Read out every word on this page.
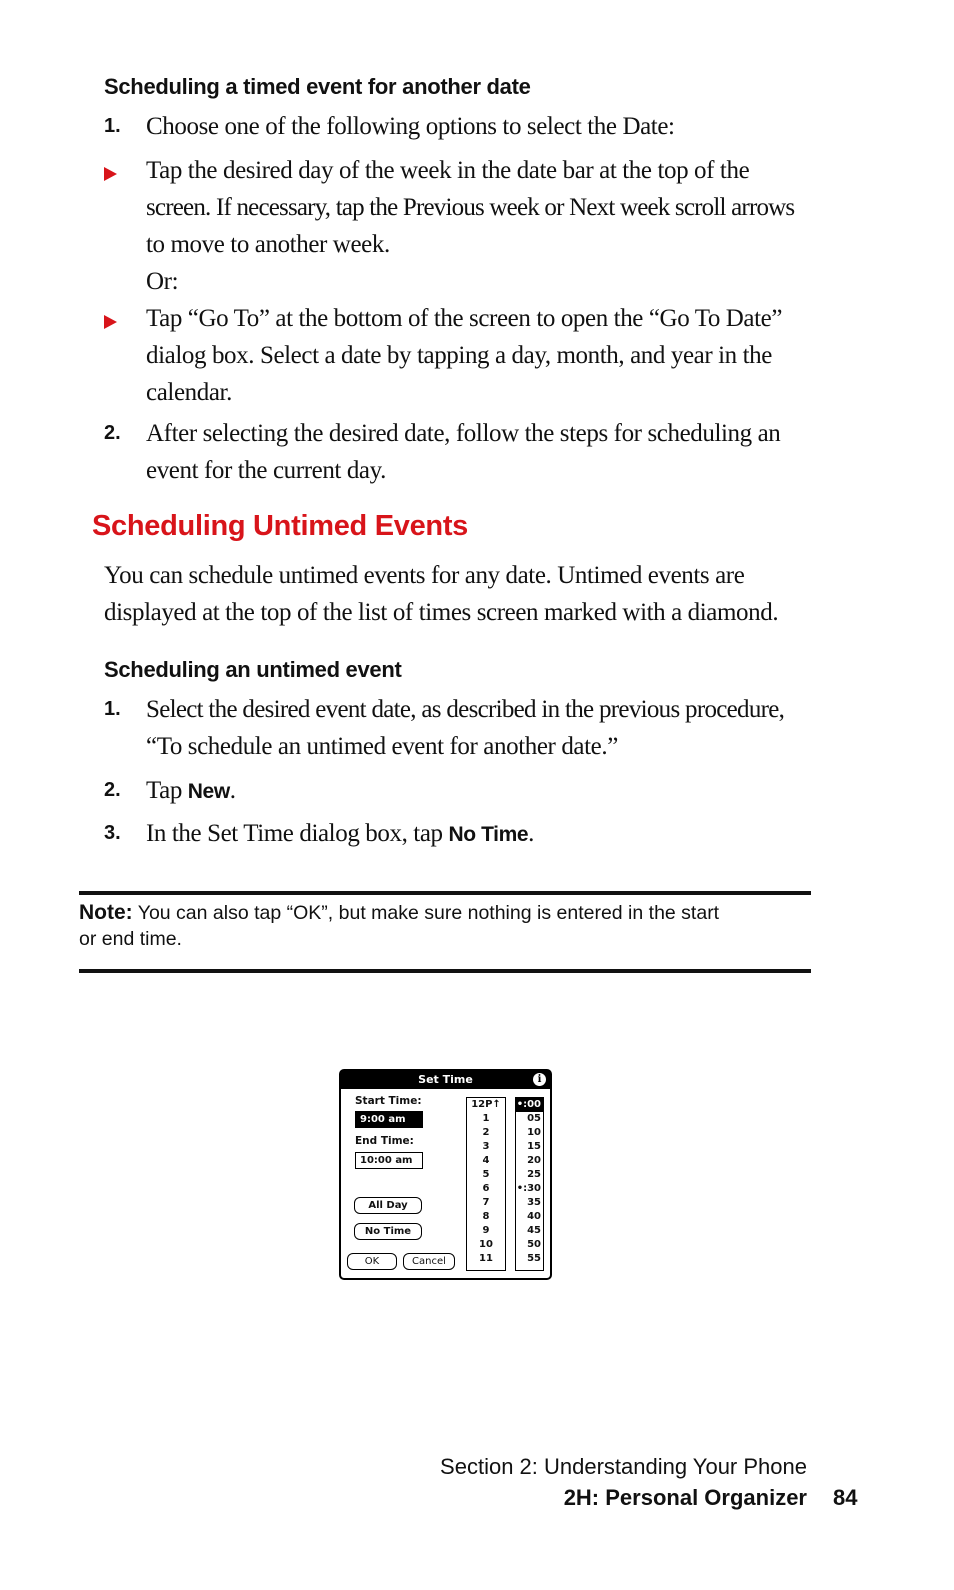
Scheduling a timed event for another date
1. Choose one of the following options to select the Date:
Tap the desired day of the week in the date bar at the top of the
screen. If necessary, tap the Previous week or Next week scroll arrows
to move to another week.
Or:
Tap “Go To” at the bottom of the screen to open the “Go To Date”
dialog box. Select a date by tapping a day, month, and year in the
calendar.
2. After selecting the desired date, follow the steps for scheduling an
event for the current day.
Scheduling Untimed Events
You can schedule untimed events for any date. Untimed events are
displayed at the top of the list of times screen marked with a diamond.
Scheduling an untimed event
1. Select the desired event date, as described in the previous procedure,
“To schedule an untimed event for another date.”
2. Tap New.
3. In the Set Time dialog box, tap No Time.
Note: You can also tap “OK”, but make sure nothing is entered in the start
or end time.
Set Time	i
Start Time:
9:00 am
End Time:
10:00 am
All Day
No Time
OK	Cancel
12P↑
1
2
3
4
5
6
7
8
9
10
11
•:00
05
10
15
20
25
•:30
35
40
45
50
55
Section 2: Understanding Your Phone
2H: Personal Organizer 84
